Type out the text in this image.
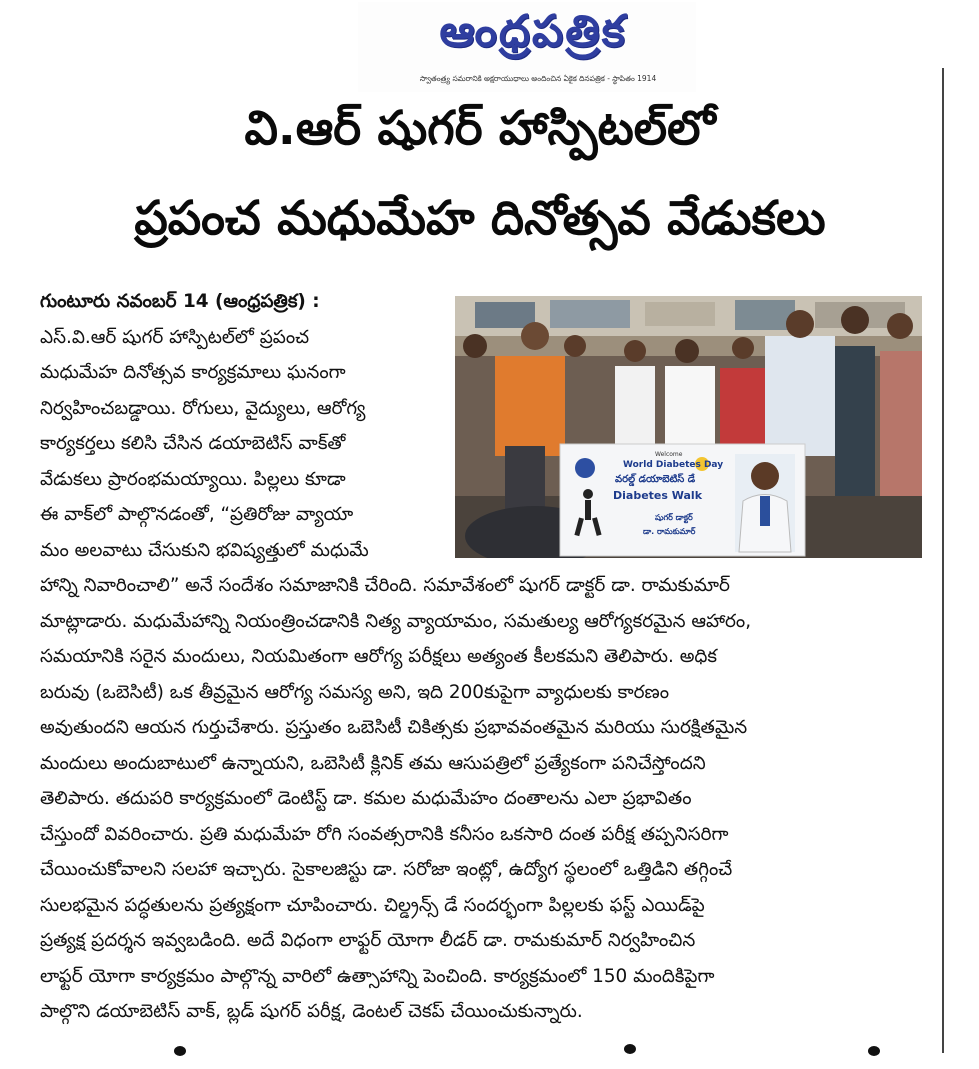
ఆంధ్రపత్రిక
స్వాతంత్ర్య సమరానికి అక్షరాయుధాలు అందించిన ఏకైక దినపత్రిక - స్థాపితం 1914
వి.ఆర్ షుగర్ హాస్పిటల్‌లో
ప్రపంచ మధుమేహ దినోత్సవ వేడుకలు
గుంటూరు నవంబర్ 14 (ఆంధ్రపత్రిక) :
ఎస్.వి.ఆర్ షుగర్ హాస్పిటల్‌లో ప్రపంచ
మధుమేహ దినోత్సవ కార్యక్రమాలు ఘనంగా
నిర్వహించబడ్డాయి. రోగులు, వైద్యులు, ఆరోగ్య
కార్యకర్తలు కలిసి చేసిన డయాబెటిస్ వాక్‌తో
వేడుకలు ప్రారంభమయ్యాయి. పిల్లలు కూడా
ఈ వాక్‌లో పాల్గొనడంతో, “ప్రతిరోజు వ్యాయా
మం అలవాటు చేసుకుని భవిష్యత్తులో మధుమే
Welcome
World Diabetes Day
వరల్డ్ డయాబెటిస్ డే
Diabetes Walk
షుగర్ డాక్టర్
డా. రామకుమార్
హాన్ని నివారించాలి” అనే సందేశం సమాజానికి చేరింది. సమావేశంలో షుగర్ డాక్టర్ డా. రామకుమార్
మాట్లాడారు. మధుమేహాన్ని నియంత్రించడానికి నిత్య వ్యాయామం, సమతుల్య ఆరోగ్యకరమైన ఆహారం,
సమయానికి సరైన మందులు, నియమితంగా ఆరోగ్య పరీక్షలు అత్యంత కీలకమని తెలిపారు. అధిక
బరువు (ఒబెసిటీ) ఒక తీవ్రమైన ఆరోగ్య సమస్య అని, ఇది 200కుపైగా వ్యాధులకు కారణం
అవుతుందని ఆయన గుర్తుచేశారు. ప్రస్తుతం ఒబెసిటీ చికిత్సకు ప్రభావవంతమైన మరియు సురక్షితమైన
మందులు అందుబాటులో ఉన్నాయని, ఒబెసిటీ క్లినిక్ తమ ఆసుపత్రిలో ప్రత్యేకంగా పనిచేస్తోందని
తెలిపారు. తదుపరి కార్యక్రమంలో డెంటిస్ట్ డా. కమల మధుమేహం దంతాలను ఎలా ప్రభావితం
చేస్తుందో వివరించారు. ప్రతి మధుమేహ రోగి సంవత్సరానికి కనీసం ఒకసారి దంత పరీక్ష తప్పనిసరిగా
చేయించుకోవాలని సలహా ఇచ్చారు. సైకాలజిస్టు డా. సరోజా ఇంట్లో, ఉద్యోగ స్థలంలో ఒత్తిడిని తగ్గించే
సులభమైన పద్ధతులను ప్రత్యక్షంగా చూపించారు. చిల్డ్రన్స్ డే సందర్భంగా పిల్లలకు ఫస్ట్ ఎయిడ్‌పై
ప్రత్యక్ష ప్రదర్శన ఇవ్వబడింది. అదే విధంగా లాఫ్టర్ యోగా లీడర్ డా. రామకుమార్ నిర్వహించిన
లాఫ్టర్ యోగా కార్యక్రమం పాల్గొన్న వారిలో ఉత్సాహాన్ని పెంచింది. కార్యక్రమంలో 150 మందికిపైగా
పాల్గొని డయాబెటిస్ వాక్, బ్లడ్ షుగర్ పరీక్ష, డెంటల్ చెకప్ చేయించుకున్నారు.
